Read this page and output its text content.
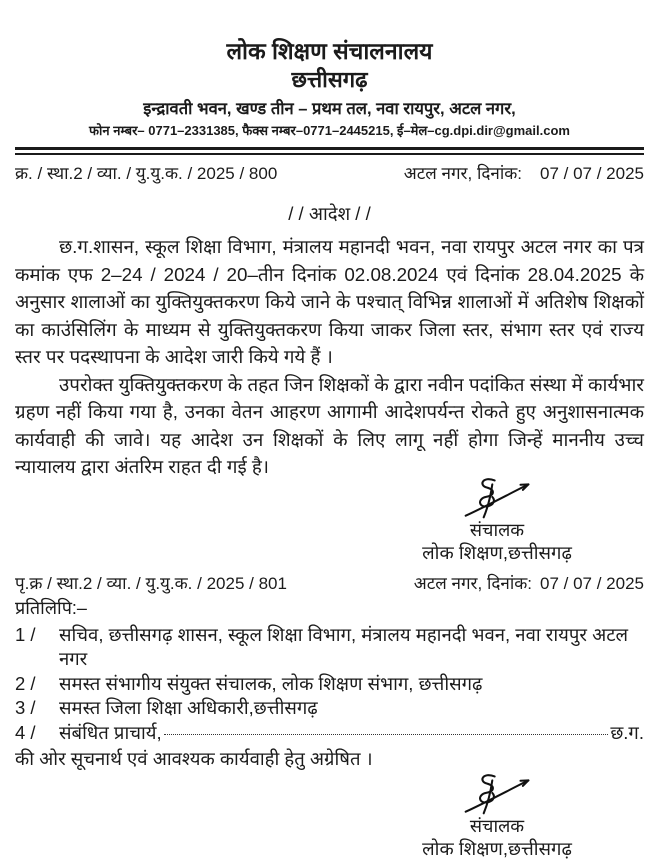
लोक शिक्षण संचालनालय
छत्तीसगढ़
इन्द्रावती भवन, खण्ड तीन – प्रथम तल, नवा रायपुर, अटल नगर,
फोन नम्बर– 0771–2331385, फैक्स नम्बर–0771–2445215, ई–मेल–cg.dpi.dir@gmail.com
क्र. / स्था.2 / व्या. / यु.यु.क. / 2025 / 800	अटल नगर, दिनांक: 07 / 07 / 2025
/ / आदेश / /

छ.ग.शासन, स्कूल शिक्षा विभाग, मंत्रालय महानदी भवन, नवा रायपुर अटल नगर का पत्र कमांक एफ 2–24 / 2024 / 20–तीन दिनांक 02.08.2024 एवं दिनांक 28.04.2025 के अनुसार शालाओं का युक्तियुक्तकरण किये जाने के पश्चात् विभिन्न शालाओं में अतिशेष शिक्षकों का काउंसिलिंग के माध्यम से युक्तियुक्तकरण किया जाकर जिला स्तर, संभाग स्तर एवं राज्य स्तर पर पदस्थापना के आदेश जारी किये गये हैं ।

उपरोक्त युक्तियुक्तकरण के तहत जिन शिक्षकों के द्वारा नवीन पदांकित संस्था में कार्यभार ग्रहण नहीं किया गया है, उनका वेतन आहरण आगामी आदेशपर्यन्त रोकते हुए अनुशासनात्मक कार्यवाही की जावे। यह आदेश उन शिक्षकों के लिए लागू नहीं होगा जिन्हें माननीय उच्च न्यायालय द्वारा अंतरिम राहत दी गई है।

संचालक
लोक शिक्षण,छत्तीसगढ़
पृ.क्र / स्था.2 / व्या. / यु.यु.क. / 2025 / 801	अटल नगर, दिनांक: 07 / 07 / 2025
प्रतिलिपि:–
1 /	सचिव, छत्तीसगढ़ शासन, स्कूल शिक्षा विभाग, मंत्रालय महानदी भवन, नवा रायपुर अटल नगर
2 /	समस्त संभागीय संयुक्त संचालक, लोक शिक्षण संभाग, छत्तीसगढ़
3 /	समस्त जिला शिक्षा अधिकारी,छत्तीसगढ़
4 /	संबंधित प्राचार्य,	छ.ग.
की ओर सूचनार्थ एवं आवश्यक कार्यवाही हेतु अग्रेषित ।
संचालक
लोक शिक्षण,छत्तीसगढ़
